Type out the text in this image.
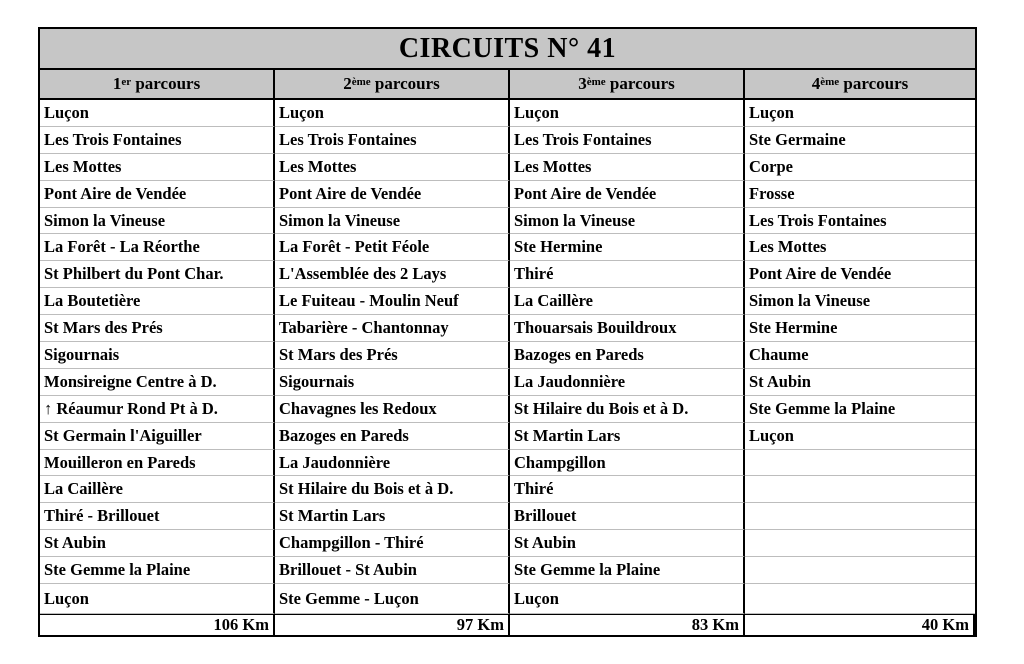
CIRCUITS N° 41
1er parcours	2ème parcours	3ème parcours	4ème parcours
Luçon	Luçon	Luçon	Luçon
Les Trois Fontaines	Les Trois Fontaines	Les Trois Fontaines	Ste Germaine
Les Mottes	Les Mottes	Les Mottes	Corpe
Pont Aire de Vendée	Pont Aire de Vendée	Pont Aire de Vendée	Frosse
Simon la Vineuse	Simon la Vineuse	Simon la Vineuse	Les Trois Fontaines
La Forêt - La Réorthe	La Forêt - Petit Féole	Ste Hermine	Les Mottes
St Philbert du Pont Char.	L'Assemblée des 2 Lays	Thiré	Pont Aire de Vendée
La Boutetière	Le Fuiteau - Moulin Neuf	La Caillère	Simon la Vineuse
St Mars des Prés	Tabarière - Chantonnay	Thouarsais Bouildroux	Ste Hermine
Sigournais	St Mars des Prés	Bazoges en Pareds	Chaume
Monsireigne Centre à D.	Sigournais	La Jaudonnière	St Aubin
↑ Réaumur Rond Pt à D.	Chavagnes les Redoux	St Hilaire du Bois et à D.	Ste Gemme la Plaine
St Germain l'Aiguiller	Bazoges en Pareds	St Martin Lars	Luçon
Mouilleron en Pareds	La Jaudonnière	Champgillon
La Caillère	St Hilaire du Bois et à D.	Thiré
Thiré - Brillouet	St Martin Lars	Brillouet
St Aubin	Champgillon - Thiré	St Aubin
Ste Gemme la Plaine	Brillouet - St Aubin	Ste Gemme la Plaine
Luçon	Ste Gemme - Luçon	Luçon
106 Km	97 Km	83 Km	40 Km
